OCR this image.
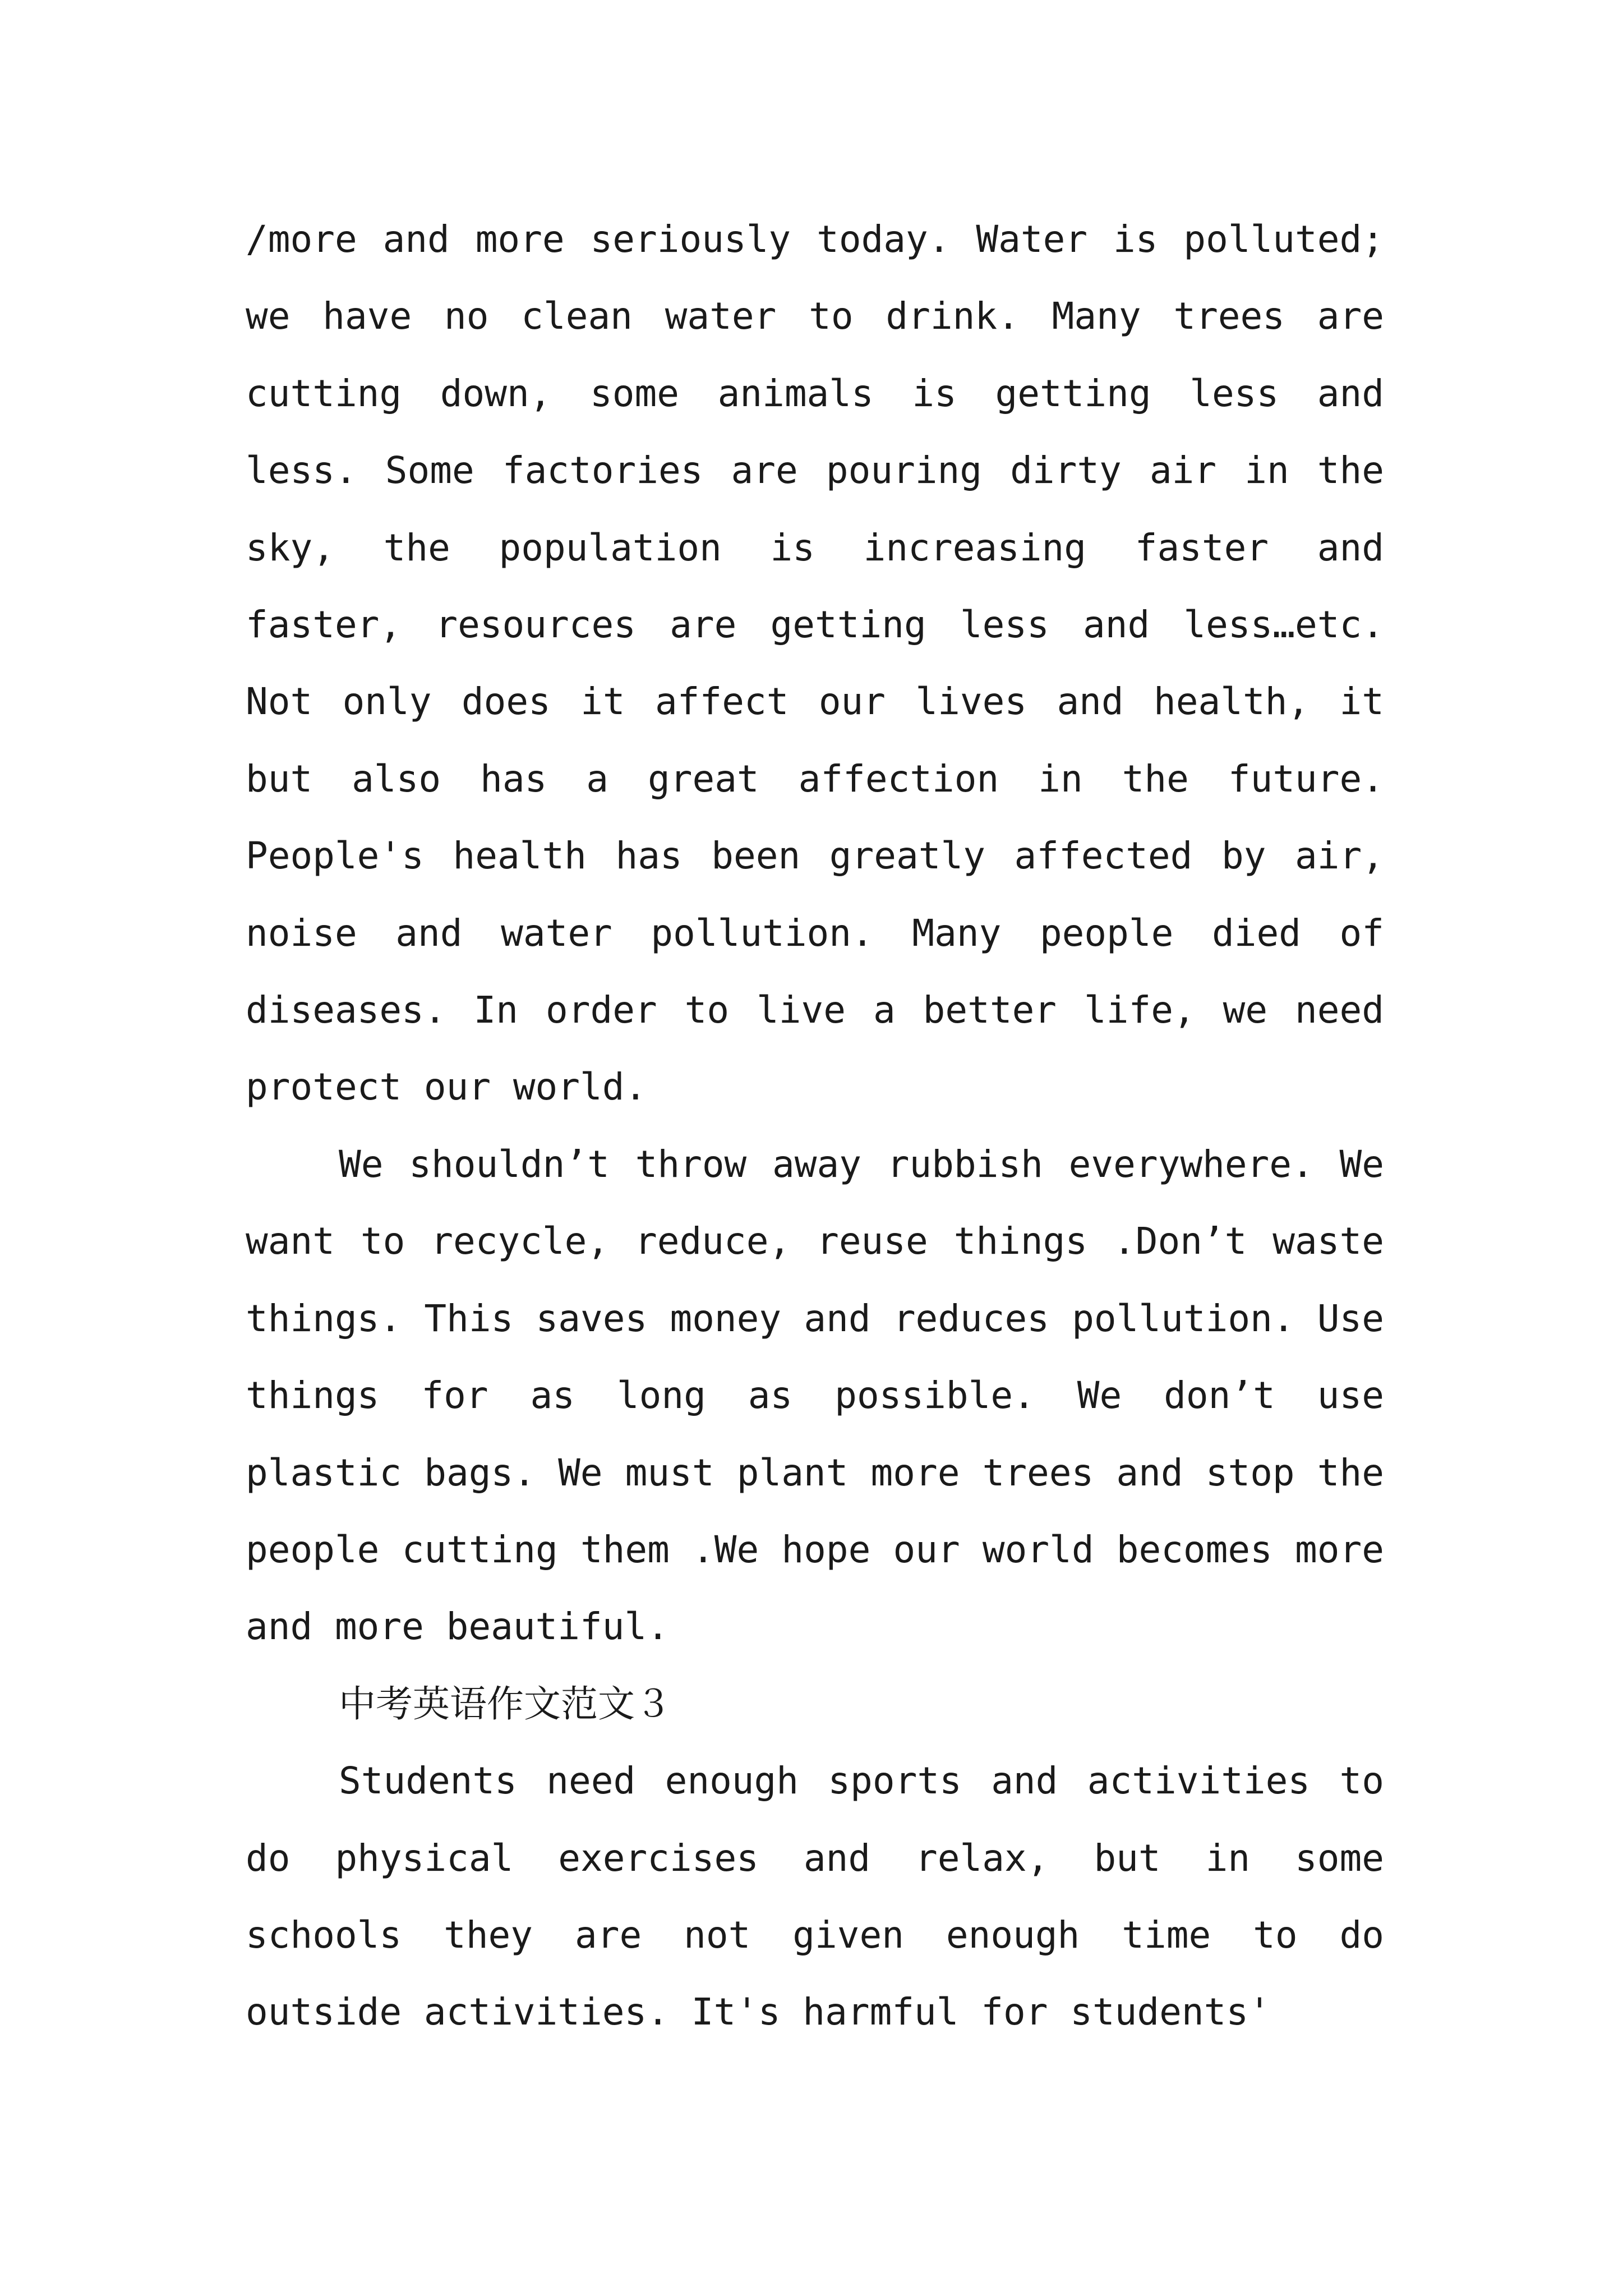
/more and more seriously today. Water is polluted; we have no clean water to drink. Many trees are cutting down, some animals is getting less and less. Some factories are pouring dirty air in the sky, the population is increasing faster and faster, resources are getting less and less…etc. Not only does it affect our lives and health, it but also has a great affection in the future. People's health has been greatly affected by air, noise and water pollution. Many people died of diseases. In order to live a better life, we need protect our world.

We shouldn’t throw away rubbish everywhere. We want to recycle, reduce, reuse things .Don’t waste things. This saves money and reduces pollution. Use things for as long as possible. We don’t use plastic bags. We must plant more trees and stop the people cutting them .We hope our world becomes more and more beautiful.

中考英语作文范文３

Students need enough sports and activities to do physical exercises and relax, but in some schools they are not given enough time to do outside activities. It's harmful for students'
